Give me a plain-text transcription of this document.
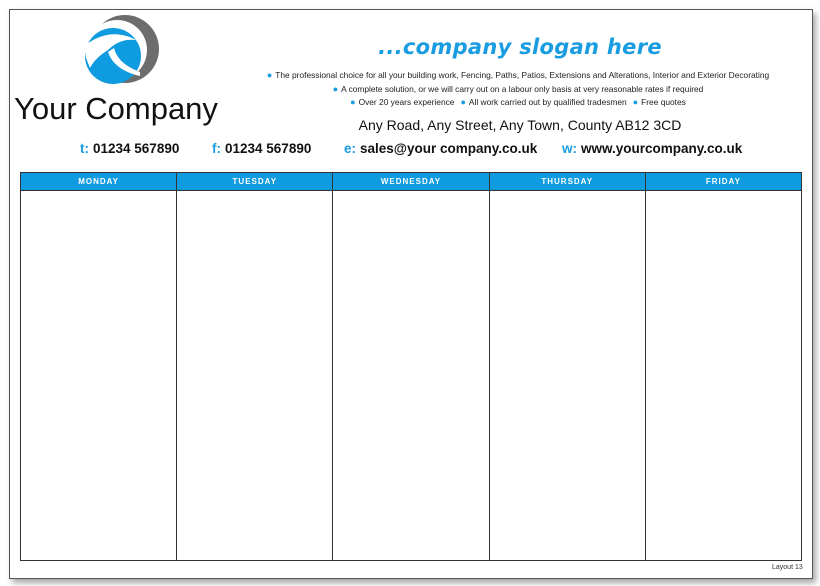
Your Company
...company slogan here
● The professional choice for all your building work, Fencing, Paths, Patios, Extensions and Alterations, Interior and Exterior Decorating
● A complete solution, or we will carry out on a labour only basis at very reasonable rates if required
● Over 20 years experience ● All work carried out by qualified tradesmen ● Free quotes
Any Road, Any Street, Any Town, County AB12 3CD
t: 01234 567890 f: 01234 567890 e: sales@your company.co.uk w: www.yourcompany.co.uk
MONDAY	TUESDAY	WEDNESDAY	THURSDAY	FRIDAY
Layout 13
